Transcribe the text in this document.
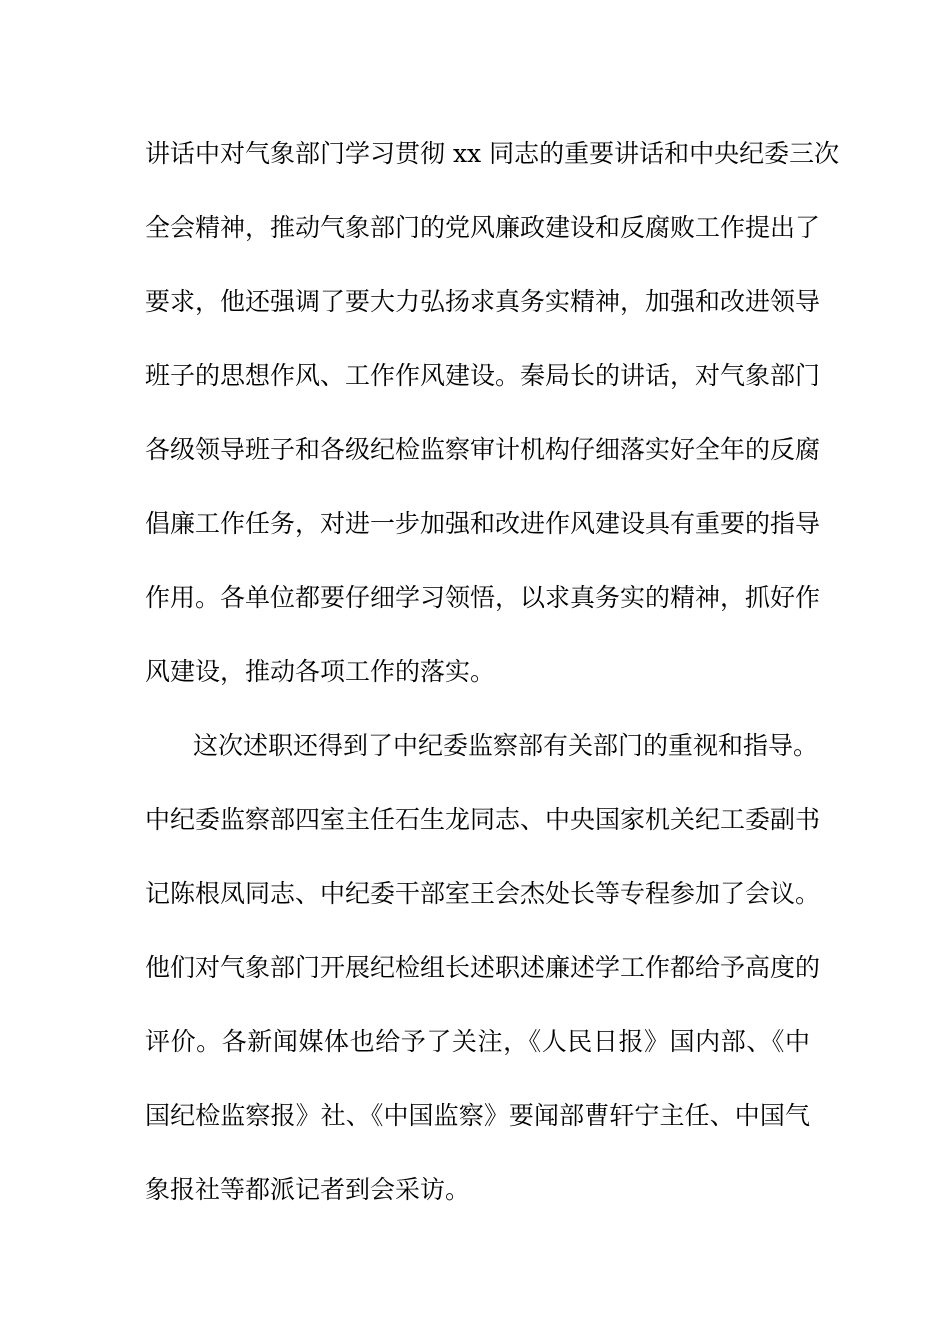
讲话中对气象部门学习贯彻 xx 同志的重要讲话和中央纪委三次
全会精神，推动气象部门的党风廉政建设和反腐败工作提出了
要求，他还强调了要大力弘扬求真务实精神，加强和改进领导
班子的思想作风、工作作风建设。秦局长的讲话，对气象部门
各级领导班子和各级纪检监察审计机构仔细落实好全年的反腐
倡廉工作任务，对进一步加强和改进作风建设具有重要的指导
作用。各单位都要仔细学习领悟，以求真务实的精神，抓好作
风建设，推动各项工作的落实。
这次述职还得到了中纪委监察部有关部门的重视和指导。
中纪委监察部四室主任石生龙同志、中央国家机关纪工委副书
记陈根凤同志、中纪委干部室王会杰处长等专程参加了会议。
他们对气象部门开展纪检组长述职述廉述学工作都给予高度的
评价。各新闻媒体也给予了关注，《人民日报》国内部、《中
国纪检监察报》社、《中国监察》要闻部曹轩宁主任、中国气
象报社等都派记者到会采访。
